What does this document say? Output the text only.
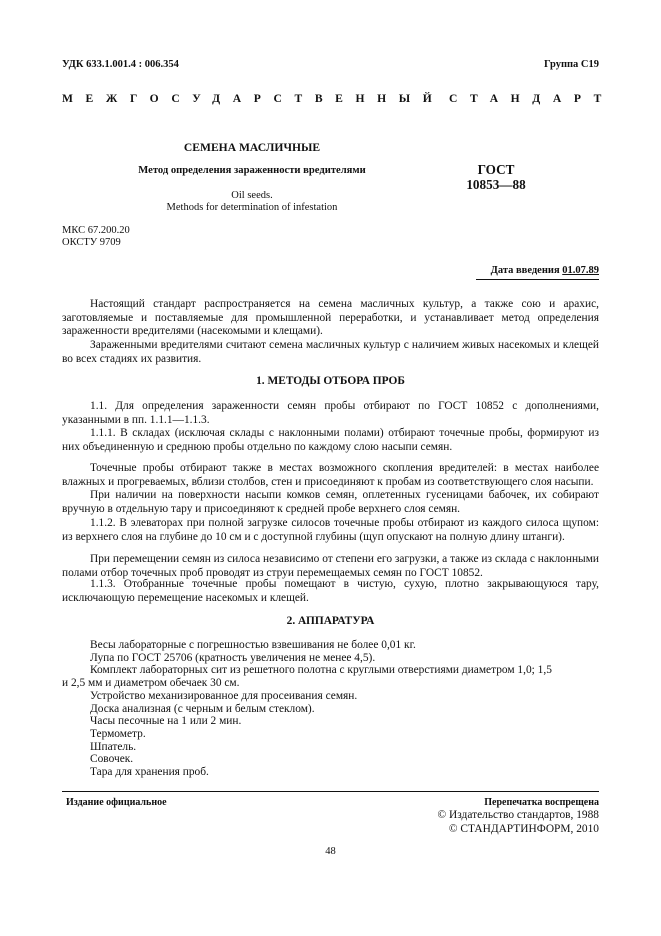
УДК 633.1.001.4 : 006.354	Группа С19
МЕЖГОСУДАРСТВЕННЫЙ СТАНДАРТ
СЕМЕНА МАСЛИЧНЫЕ
Метод определения зараженности вредителями
Oil seeds.
Methods for determination of infestation
ГОСТ
10853—88
МКС 67.200.20
ОКСТУ 9709
Дата введения 01.07.89
Настоящий стандарт распространяется на семена масличных культур, а также сою и арахис, заготовляемые и поставляемые для промышленной переработки, и устанавливает метод определения зараженности вредителями (насекомыми и клещами).
Зараженными вредителями считают семена масличных культур с наличием живых насекомых и клещей во всех стадиях их развития.
1. МЕТОДЫ ОТБОРА ПРОБ
1.1. Для определения зараженности семян пробы отбирают по ГОСТ 10852 с дополнениями, указанными в пп. 1.1.1—1.1.3.
1.1.1. В складах (исключая склады с наклонными полами) отбирают точечные пробы, формируют из них объединенную и среднюю пробы отдельно по каждому слою насыпи семян.
Точечные пробы отбирают также в местах возможного скопления вредителей: в местах наиболее влажных и прогреваемых, вблизи столбов, стен и присоединяют к пробам из соответствующего слоя насыпи.
При наличии на поверхности насыпи комков семян, оплетенных гусеницами бабочек, их собирают вручную в отдельную тару и присоединяют к средней пробе верхнего слоя семян.
1.1.2. В элеваторах при полной загрузке силосов точечные пробы отбирают из каждого силоса щупом: из верхнего слоя на глубине до 10 см и с доступной глубины (щуп опускают на полную длину штанги).
При перемещении семян из силоса независимо от степени его загрузки, а также из склада с наклонными полами отбор точечных проб проводят из струи перемещаемых семян по ГОСТ 10852.
1.1.3. Отобранные точечные пробы помещают в чистую, сухую, плотно закрывающуюся тару, исключающую перемещение насекомых и клещей.
2. АППАРАТУРА
Весы лабораторные с погрешностью взвешивания не более 0,01 кг.
Лупа по ГОСТ 25706 (кратность увеличения не менее 4,5).
Комплект лабораторных сит из решетного полотна с круглыми отверстиями диаметром 1,0; 1,5
и 2,5 мм и диаметром обечаек 30 см.
Устройство механизированное для просеивания семян.
Доска анализная (с черным и белым стеклом).
Часы песочные на 1 или 2 мин.
Термометр.
Шпатель.
Совочек.
Тара для хранения проб.
Издание официальное	Перепечатка воспрещена
© Издательство стандартов, 1988
© СТАНДАРТИНФОРМ, 2010
48
